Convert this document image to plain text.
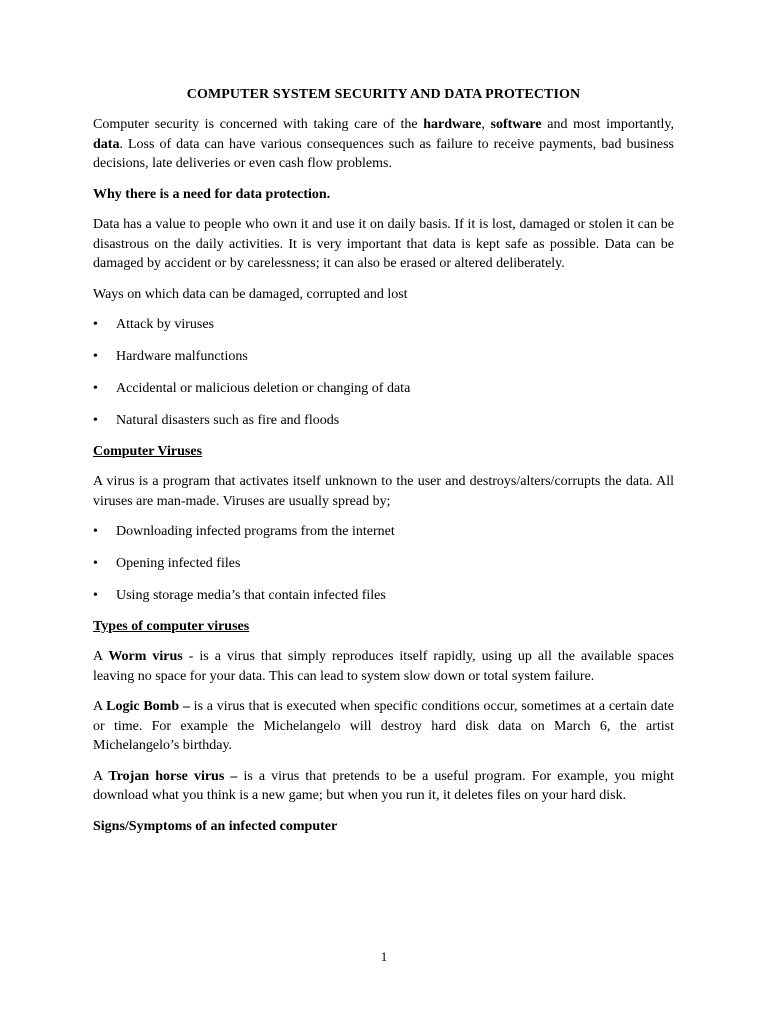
COMPUTER SYSTEM SECURITY AND DATA PROTECTION

Computer security is concerned with taking care of the hardware, software and most importantly, data. Loss of data can have various consequences such as failure to receive payments, bad business decisions, late deliveries or even cash flow problems.

Why there is a need for data protection.

Data has a value to people who own it and use it on daily basis. If it is lost, damaged or stolen it can be disastrous on the daily activities. It is very important that data is kept safe as possible. Data can be damaged by accident or by carelessness; it can also be erased or altered deliberately.

Ways on which data can be damaged, corrupted and lost

•	Attack by viruses
•	Hardware malfunctions
•	Accidental or malicious deletion or changing of data
•	Natural disasters such as fire and floods

Computer Viruses

A virus is a program that activates itself unknown to the user and destroys/alters/corrupts the data. All viruses are man-made. Viruses are usually spread by;

•	Downloading infected programs from the internet
•	Opening infected files
•	Using storage media’s that contain infected files

Types of computer viruses

A Worm virus - is a virus that simply reproduces itself rapidly, using up all the available spaces leaving no space for your data. This can lead to system slow down or total system failure.

A Logic Bomb – is a virus that is executed when specific conditions occur, sometimes at a certain date or time. For example the Michelangelo will destroy hard disk data on March 6, the artist Michelangelo’s birthday.

A Trojan horse virus – is a virus that pretends to be a useful program. For example, you might download what you think is a new game; but when you run it, it deletes files on your hard disk.

Signs/Symptoms of an infected computer

1
